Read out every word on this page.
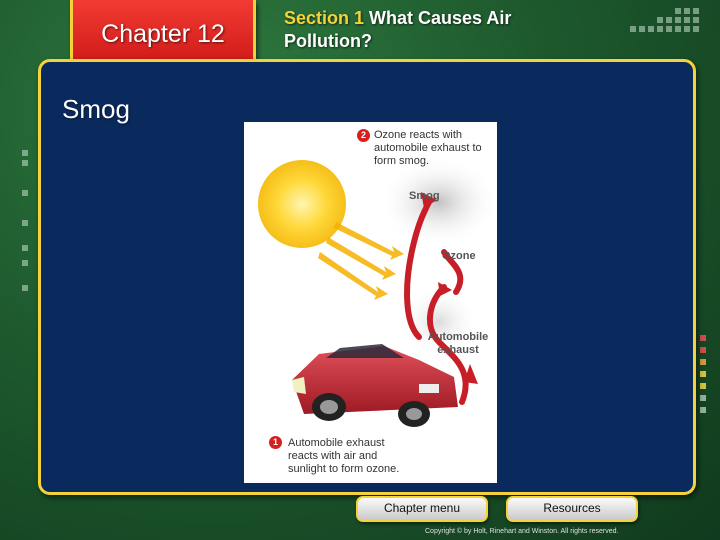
Chapter 12
Section 1 What Causes Air Pollution?
Smog
2 Ozone reacts with automobile exhaust to form smog.
Smog
Ozone
Automobile exhaust
1 Automobile exhaust reacts with air and sunlight to form ozone.
Chapter menu	Resources
Copyright © by Holt, Rinehart and Winston. All rights reserved.
